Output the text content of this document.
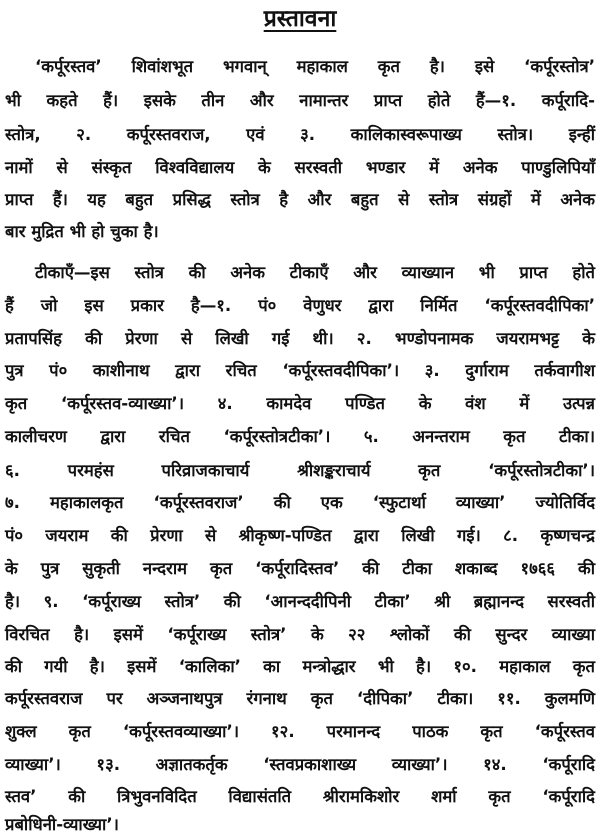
प्रस्तावना
‘कर्पूरस्तव’ शिवांशभूत भगवान् महाकाल कृत है। इसे ‘कर्पूरस्तोत्र’
भी कहते हैं। इसके तीन और नामान्तर प्राप्त होते हैं—१. कर्पूरादि-
स्तोत्र, २. कर्पूरस्तवराज, एवं ३. कालिकास्वरूपाख्य स्तोत्र। इन्हीं
नामों से संस्कृत विश्वविद्यालय के सरस्वती भण्डार में अनेक पाण्डुलिपियाँ
प्राप्त हैं। यह बहुत प्रसिद्ध स्तोत्र है और बहुत से स्तोत्र संग्रहों में अनेक
बार मुद्रित भी हो चुका है।
टीकाएँ—इस स्तोत्र की अनेक टीकाएँ और व्याख्यान भी प्राप्त होते
हैं जो इस प्रकार है—१. पं० वेणुधर द्वारा निर्मित ‘कर्पूरस्तवदीपिका’
प्रतापसिंह की प्रेरणा से लिखी गई थी। २. भण्डोपनामक जयरामभट्ट के
पुत्र पं० काशीनाथ द्वारा रचित ‘कर्पूरस्तवदीपिका’। ३. दुर्गाराम तर्कवागीश
कृत ‘कर्पूरस्तव-व्याख्या’। ४. कामदेव पण्डित के वंश में उत्पन्न
कालीचरण द्वारा रचित ‘कर्पूरस्तोत्रटीका’। ५. अनन्तराम कृत टीका।
६. परमहंस परिव्राजकाचार्य श्रीशङ्कराचार्य कृत ‘कर्पूरस्तोत्रटीका’।
७. महाकालकृत ‘कर्पूरस्तवराज’ की एक ‘स्फुटार्था व्याख्या’ ज्योतिर्विद
पं० जयराम की प्रेरणा से श्रीकृष्ण-पण्डित द्वारा लिखी गई। ८. कृष्णचन्द्र
के पुत्र सुकृती नन्दराम कृत ‘कर्पूरादिस्तव’ की टीका शकाब्द १७६६ की
है। ९. ‘कर्पूराख्य स्तोत्र’ की ‘आनन्ददीपिनी टीका’ श्री ब्रह्मानन्द सरस्वती
विरचित है। इसमें ‘कर्पूराख्य स्तोत्र’ के २२ श्लोकों की सुन्दर व्याख्या
की गयी है। इसमें ‘कालिका’ का मन्त्रोद्धार भी है। १०. महाकाल कृत
कर्पूरस्तवराज पर अञ्जनाथपुत्र रंगनाथ कृत ‘दीपिका’ टीका। ११. कुलमणि
शुक्ल कृत ‘कर्पूरस्तवव्याख्या’। १२. परमानन्द पाठक कृत ‘कर्पूरस्तव
व्याख्या’। १३. अज्ञातकर्तृक ‘स्तवप्रकाशाख्य व्याख्या’। १४. ‘कर्पूरादि
स्तव’ की त्रिभुवनविदित विद्यासंतति श्रीरामकिशोर शर्मा कृत ‘कर्पूरादि
प्रबोधिनी-व्याख्या’।
